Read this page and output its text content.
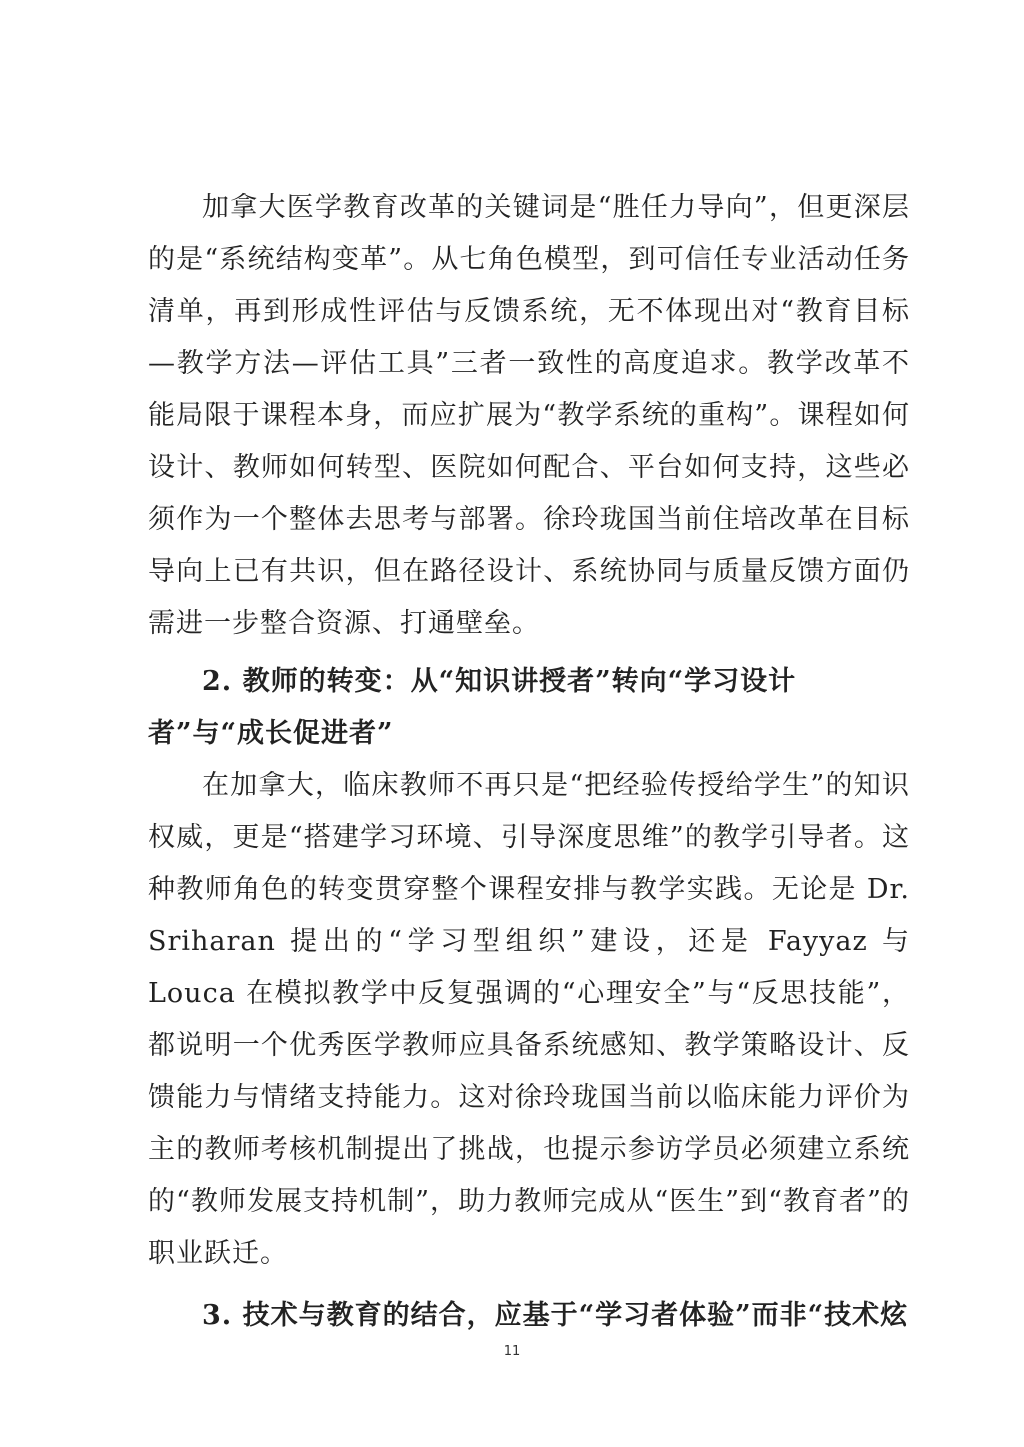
加拿大医学教育改革的关键词是“胜任力导向”，但更深层的是“系统结构变革”。从七角色模型，到可信任专业活动任务清单，再到形成性评估与反馈系统，无不体现出对“教育目标—教学方法—评估工具”三者一致性的高度追求。教学改革不能局限于课程本身，而应扩展为“教学系统的重构”。课程如何设计、教师如何转型、医院如何配合、平台如何支持，这些必须作为一个整体去思考与部署。徐玲珑国当前住培改革在目标导向上已有共识，但在路径设计、系统协同与质量反馈方面仍需进一步整合资源、打通壁垒。

2. 教师的转变：从“知识讲授者”转向“学习设计者”与“成长促进者”

在加拿大，临床教师不再只是“把经验传授给学生”的知识权威，更是“搭建学习环境、引导深度思维”的教学引导者。这种教师角色的转变贯穿整个课程安排与教学实践。无论是 Dr. Sriharan 提出的“学习型组织”建设，还是 Fayyaz 与 Louca 在模拟教学中反复强调的“心理安全”与“反思技能”，都说明一个优秀医学教师应具备系统感知、教学策略设计、反馈能力与情绪支持能力。这对徐玲珑国当前以临床能力评价为主的教师考核机制提出了挑战，也提示参访学员必须建立系统的“教师发展支持机制”，助力教师完成从“医生”到“教育者”的职业跃迁。

3. 技术与教育的结合，应基于“学习者体验”而非“技术炫

11
